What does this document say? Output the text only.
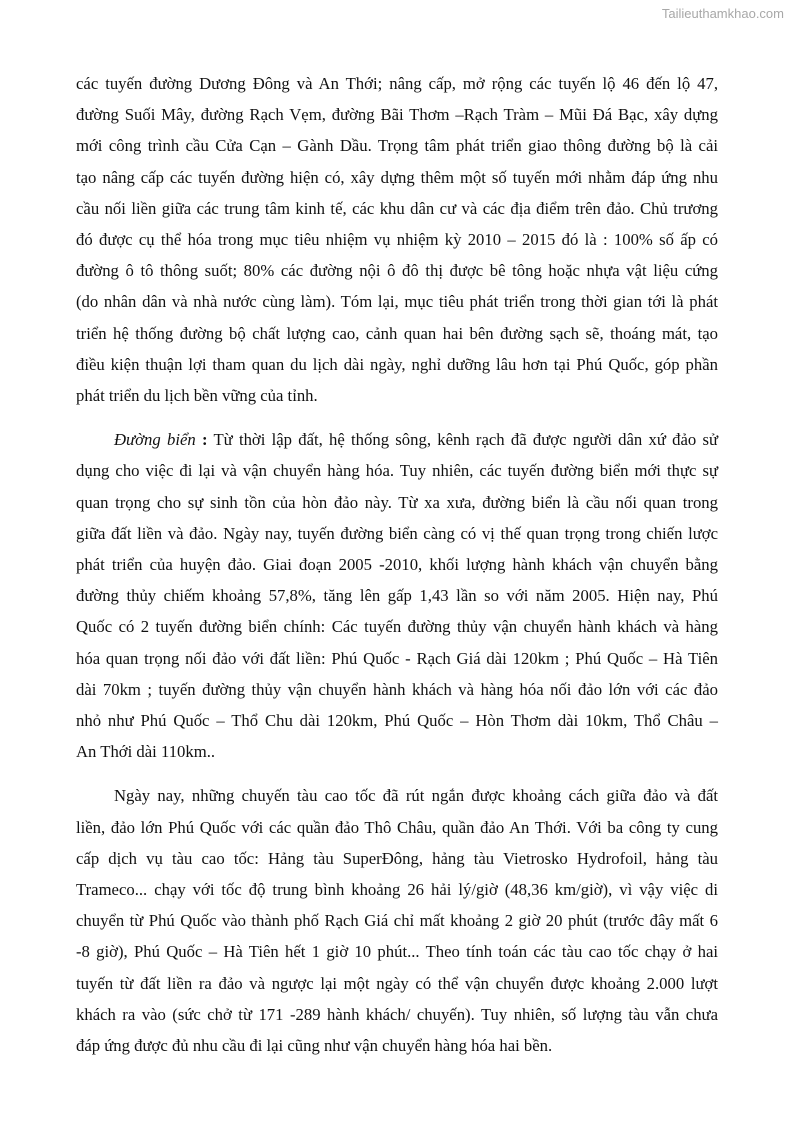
Tailieuthamkhao.com

các tuyến đường Dương Đông và An Thới; nâng cấp, mở rộng các tuyến lộ 46 đến lộ 47,
đường Suối Mây, đường Rạch Vẹm, đường Bãi Thơm –Rạch Tràm – Mũi Đá Bạc, xây dựng
mới công trình cầu Cửa Cạn – Gành Dầu. Trọng tâm phát triển giao thông đường bộ là cải
tạo nâng cấp các tuyến đường hiện có, xây dựng thêm một số tuyến mới nhằm đáp ứng nhu
cầu nối liền giữa các trung tâm kinh tế, các khu dân cư và các địa điểm trên đảo. Chủ trương
đó được cụ thể hóa trong mục tiêu nhiệm vụ nhiệm kỳ 2010 – 2015 đó là : 100% số ấp có
đường ô tô thông suốt; 80% các đường nội ô đô thị được bê tông hoặc nhựa vật liệu cứng
(do nhân dân và nhà nước cùng làm). Tóm lại, mục tiêu phát triển trong thời gian tới là phát
triển hệ thống đường bộ chất lượng cao, cảnh quan hai bên đường sạch sẽ, thoáng mát, tạo
điều kiện thuận lợi tham quan du lịch dài ngày, nghỉ dưỡng lâu hơn tại Phú Quốc, góp phần
phát triển du lịch bền vững của tỉnh.

Đường biển : Từ thời lập đất, hệ thống sông, kênh rạch đã được người dân xứ đảo sử
dụng cho việc đi lại và vận chuyển hàng hóa. Tuy nhiên, các tuyến đường biển mới thực sự
quan trọng cho sự sinh tồn của hòn đảo này. Từ xa xưa, đường biển là cầu nối quan trong
giữa đất liền và đảo. Ngày nay, tuyến đường biển càng có vị thế quan trọng trong chiến lược
phát triển của huyện đảo. Giai đoạn 2005 -2010, khối lượng hành khách vận chuyển bằng
đường thủy chiếm khoảng 57,8%, tăng lên gấp 1,43 lần so với năm 2005. Hiện nay, Phú
Quốc có 2 tuyến đường biển chính: Các tuyến đường thủy vận chuyển hành khách và hàng
hóa quan trọng nối đảo với đất liền: Phú Quốc - Rạch Giá dài 120km ; Phú Quốc – Hà Tiên
dài 70km ; tuyến đường thủy vận chuyển hành khách và hàng hóa nối đảo lớn với các đảo
nhỏ như Phú Quốc – Thổ Chu dài 120km, Phú Quốc – Hòn Thơm dài 10km, Thổ Châu –
An Thới dài 110km..

Ngày nay, những chuyến tàu cao tốc đã rút ngắn được khoảng cách giữa đảo và đất
liền, đảo lớn Phú Quốc với các quần đảo Thô Châu, quần đảo An Thới. Với ba công ty cung
cấp dịch vụ tàu cao tốc: Hảng tàu SuperĐông, hảng tàu Vietrosko Hydrofoil, hảng tàu
Trameco... chạy với tốc độ trung bình khoảng 26 hải lý/giờ (48,36 km/giờ), vì vậy việc di
chuyển từ Phú Quốc vào thành phố Rạch Giá chỉ mất khoảng 2 giờ 20 phút (trước đây mất 6
-8 giờ), Phú Quốc – Hà Tiên hết 1 giờ 10 phút... Theo tính toán các tàu cao tốc chạy ở hai
tuyến từ đất liền ra đảo và ngược lại một ngày có thể vận chuyển được khoảng 2.000 lượt
khách ra vào (sức chở từ 171 -289 hành khách/ chuyến). Tuy nhiên, số lượng tàu vẫn chưa
đáp ứng được đủ nhu cầu đi lại cũng như vận chuyển hàng hóa hai bền.
